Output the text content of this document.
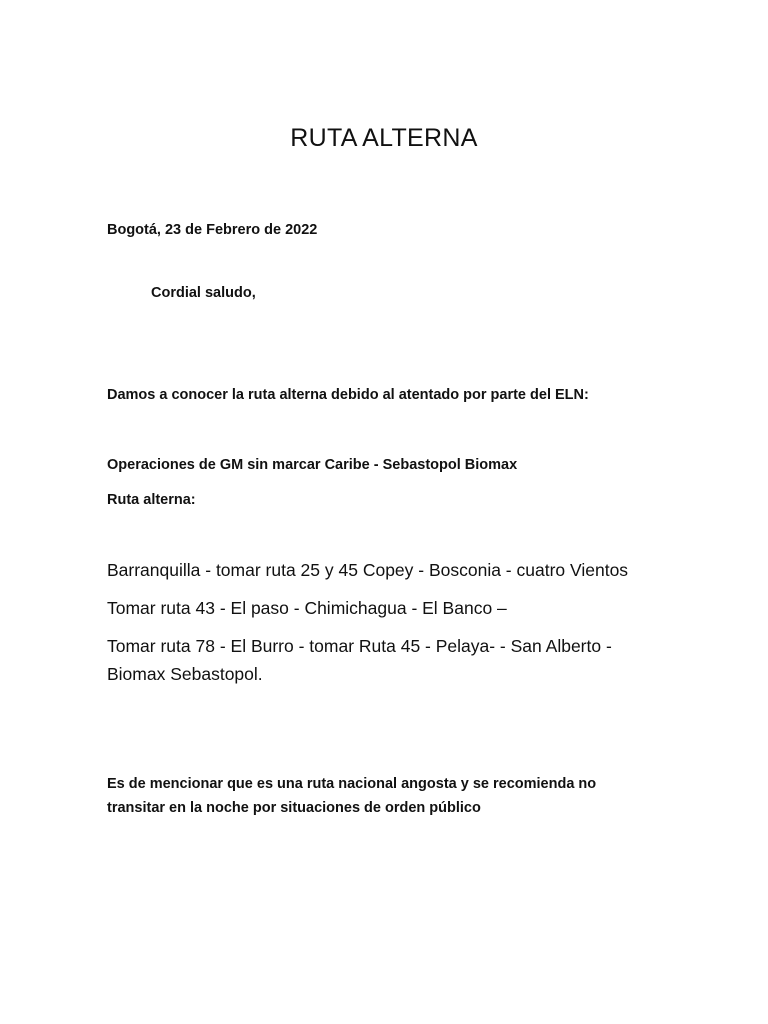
RUTA ALTERNA
Bogotá, 23 de Febrero de 2022
Cordial saludo,
Damos a conocer la ruta alterna debido al atentado por parte del ELN:
Operaciones de GM sin marcar Caribe - Sebastopol Biomax
Ruta alterna:
Barranquilla - tomar ruta 25 y 45 Copey - Bosconia - cuatro Vientos
Tomar ruta 43 - El paso - Chimichagua - El Banco –
Tomar ruta 78 - El Burro - tomar Ruta 45 - Pelaya- - San Alberto - Biomax Sebastopol.
Es de mencionar que es una ruta nacional angosta y se recomienda no transitar en la noche por situaciones de orden público
